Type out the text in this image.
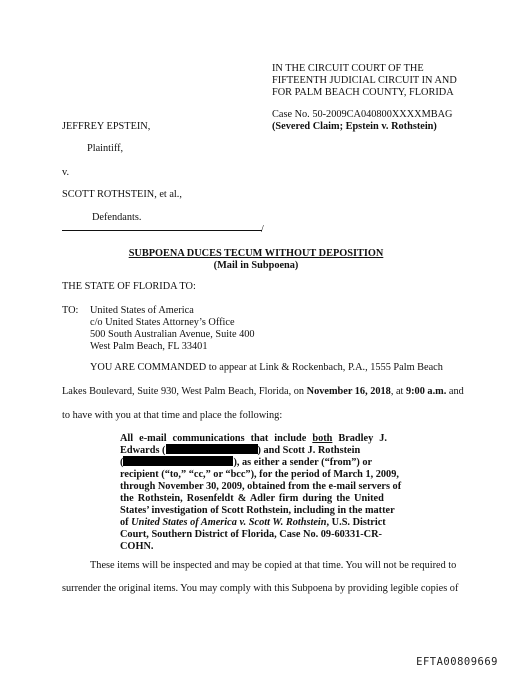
IN THE CIRCUIT COURT OF THE

FIFTEENTH JUDICIAL CIRCUIT IN AND

FOR PALM BEACH COUNTY, FLORIDA

Case No. 50-2009CA040800XXXXMBAG

(Severed Claim; Epstein v. Rothstein)

JEFFREY EPSTEIN,

Plaintiff,

v.

SCOTT ROTHSTEIN, et al.,

Defendants.

/

SUBPOENA DUCES TECUM WITHOUT DEPOSITION

(Mail in Subpoena)

THE STATE OF FLORIDA TO:

TO: United States of America

c/o United States Attorney’s Office

500 South Australian Avenue, Suite 400

West Palm Beach, FL 33401

YOU ARE COMMANDED to appear at Link & Rockenbach, P.A., 1555 Palm Beach

Lakes Boulevard, Suite 930, West Palm Beach, Florida, on November 16, 2018, at 9:00 a.m. and

to have with you at that time and place the following:

All e-mail communications that include both Bradley J.

Edwards (	) and Scott J. Rothstein

(	), as either a sender (“from”) or

recipient (“to,” “cc,” or “bcc”), for the period of March 1, 2009,

through November 30, 2009, obtained from the e-mail servers of

the Rothstein, Rosenfeldt & Adler firm during the United

States’ investigation of Scott Rothstein, including in the matter

of United States of America v. Scott W. Rothstein, U.S. District

Court, Southern District of Florida, Case No. 09-60331-CR-

COHN.

These items will be inspected and may be copied at that time. You will not be required to

surrender the original items. You may comply with this Subpoena by providing legible copies of

EFTA00809669
